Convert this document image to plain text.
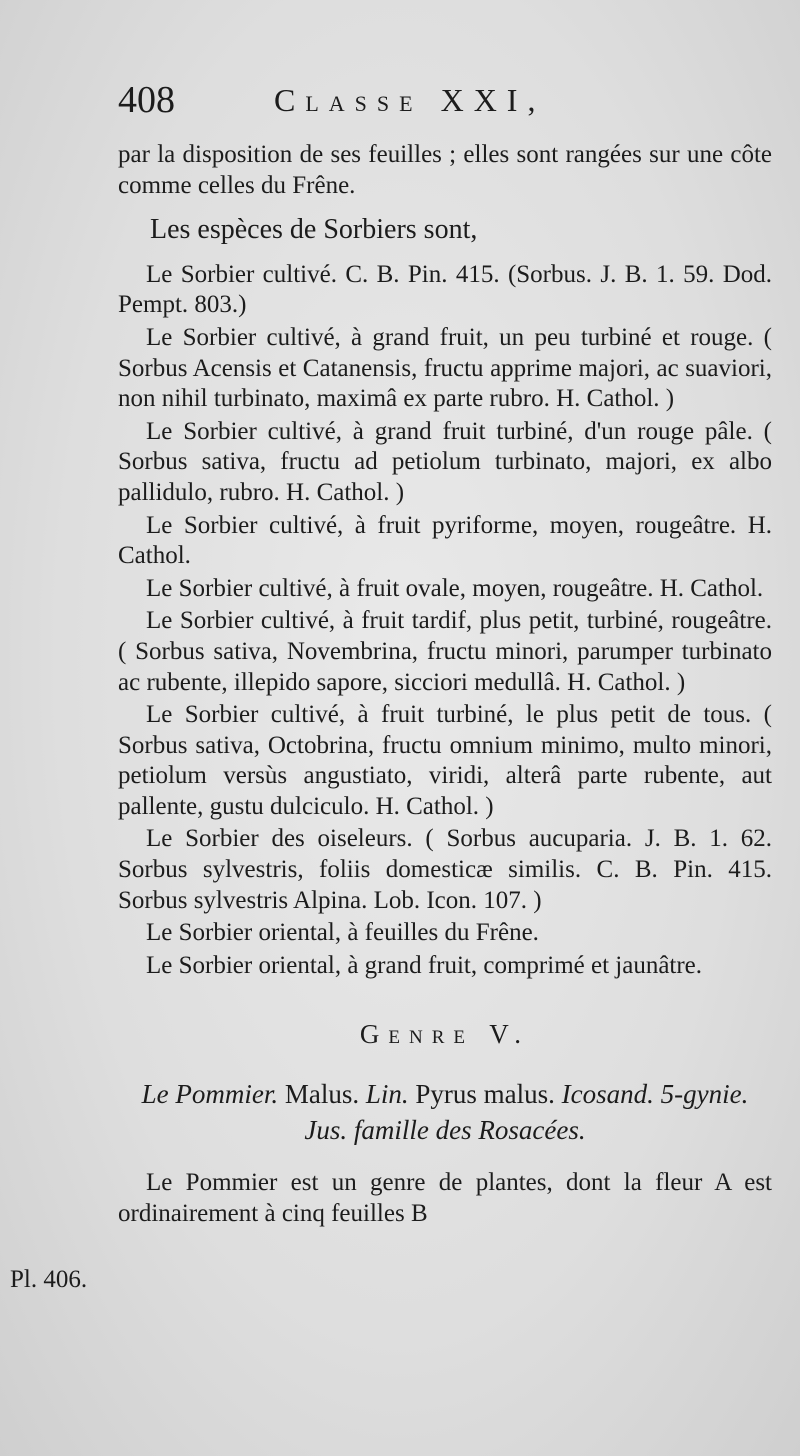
408	Classe XXI,

par la disposition de ses feuilles ; elles sont rangées sur une côte comme celles du Frêne.

Les espèces de Sorbiers sont,

Le Sorbier cultivé. C. B. Pin. 415. (Sorbus. J. B. 1. 59. Dod. Pempt. 803.)

Le Sorbier cultivé, à grand fruit, un peu turbiné et rouge. ( Sorbus Acensis et Catanensis, fructu apprime majori, ac suaviori, non nihil turbinato, maximâ ex parte rubro. H. Cathol. )

Le Sorbier cultivé, à grand fruit turbiné, d'un rouge pâle. ( Sorbus sativa, fructu ad petiolum turbinato, majori, ex albo pallidulo, rubro. H. Cathol. )

Le Sorbier cultivé, à fruit pyriforme, moyen, rougeâtre. H. Cathol.

Le Sorbier cultivé, à fruit ovale, moyen, rougeâtre. H. Cathol.

Le Sorbier cultivé, à fruit tardif, plus petit, turbiné, rougeâtre. ( Sorbus sativa, Novembrina, fructu minori, parumper turbinato ac rubente, illepido sapore, sicciori medullâ. H. Cathol. )

Le Sorbier cultivé, à fruit turbiné, le plus petit de tous. ( Sorbus sativa, Octobrina, fructu omnium minimo, multo minori, petiolum versùs angustiato, viridi, alterâ parte rubente, aut pallente, gustu dulciculo. H. Cathol. )

Le Sorbier des oiseleurs. ( Sorbus aucuparia. J. B. 1. 62. Sorbus sylvestris, foliis domesticæ similis. C. B. Pin. 415. Sorbus sylvestris Alpina. Lob. Icon. 107. )

Le Sorbier oriental, à feuilles du Frêne.

Le Sorbier oriental, à grand fruit, comprimé et jaunâtre.

Genre V.

Le Pommier. Malus. Lin. Pyrus malus. Icosand. 5-gynie. Jus. famille des Rosacées.

Le Pommier est un genre de plantes, dont la fleur A est ordinairement à cinq feuilles B

Pl. 406.
